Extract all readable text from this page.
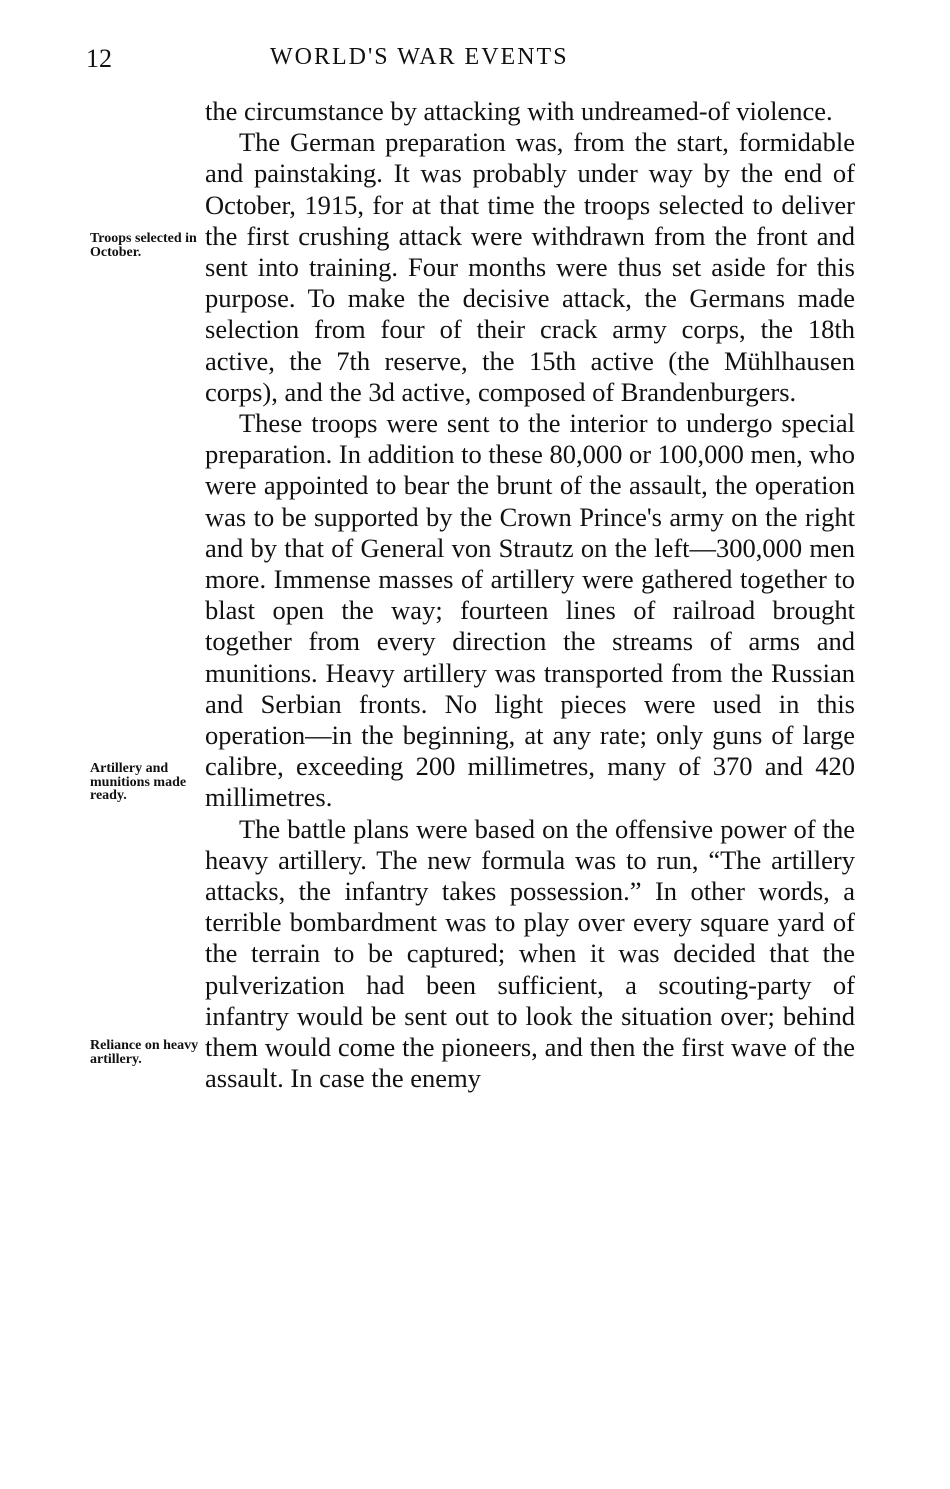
12	WORLD'S WAR EVENTS
Troops selected in October.
Artillery and munitions made ready.
Reliance on heavy artillery.

the circumstance by attacking with undreamed-of violence.

The German preparation was, from the start, formidable and painstaking. It was probably under way by the end of October, 1915, for at that time the troops selected to deliver the first crushing attack were withdrawn from the front and sent into training. Four months were thus set aside for this purpose. To make the decisive attack, the Germans made selection from four of their crack army corps, the 18th active, the 7th reserve, the 15th active (the Mühlhausen corps), and the 3d active, composed of Brandenburgers.

These troops were sent to the interior to undergo special preparation. In addition to these 80,000 or 100,000 men, who were appointed to bear the brunt of the assault, the operation was to be supported by the Crown Prince's army on the right and by that of General von Strautz on the left—300,000 men more. Immense masses of artillery were gathered together to blast open the way; fourteen lines of railroad brought together from every direction the streams of arms and munitions. Heavy artillery was transported from the Russian and Serbian fronts. No light pieces were used in this operation—in the beginning, at any rate; only guns of large calibre, exceeding 200 millimetres, many of 370 and 420 millimetres.

The battle plans were based on the offensive power of the heavy artillery. The new formula was to run, “The artillery attacks, the infantry takes possession.” In other words, a terrible bombardment was to play over every square yard of the terrain to be captured; when it was decided that the pulverization had been sufficient, a scouting-party of infantry would be sent out to look the situation over; behind them would come the pioneers, and then the first wave of the assault. In case the enemy
